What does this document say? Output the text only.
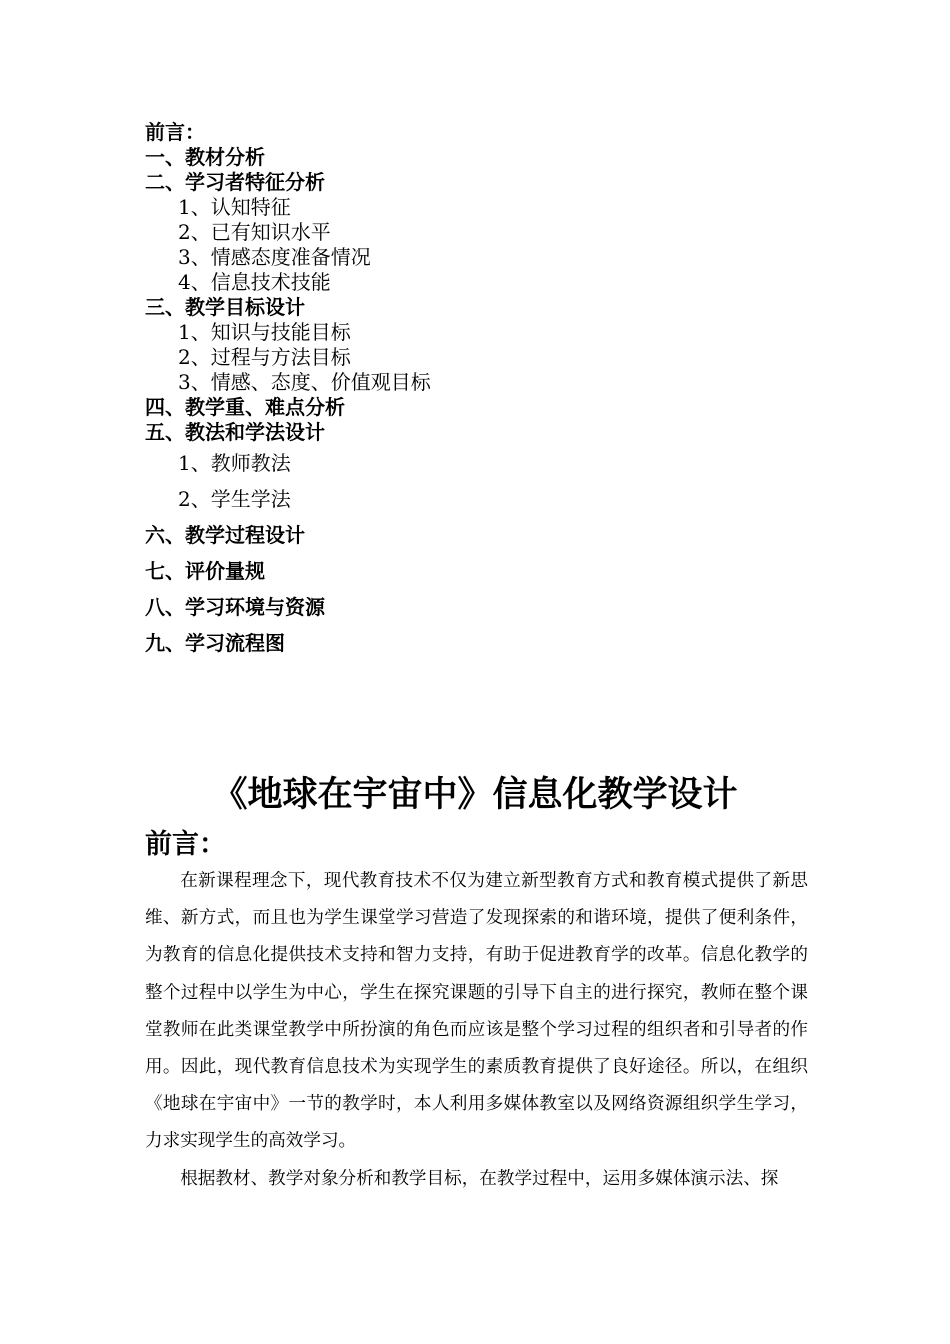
前言：
一、教材分析
二、学习者特征分析
1、认知特征
2、已有知识水平
3、情感态度准备情况
4、信息技术技能
三、教学目标设计
1、知识与技能目标
2、过程与方法目标
3、情感、态度、价值观目标
四、教学重、难点分析
五、教法和学法设计
1、教师教法
2、学生学法
六、教学过程设计
七、评价量规
八、学习环境与资源
九、学习流程图
《地球在宇宙中》信息化教学设计
前言：

在新课程理念下，现代教育技术不仅为建立新型教育方式和教育模式提供了新思维、新方式，而且也为学生课堂学习营造了发现探索的和谐环境，提供了便利条件，为教育的信息化提供技术支持和智力支持，有助于促进教育学的改革。信息化教学的整个过程中以学生为中心，学生在探究课题的引导下自主的进行探究，教师在整个课堂教师在此类课堂教学中所扮演的角色而应该是整个学习过程的组织者和引导者的作用。因此，现代教育信息技术为实现学生的素质教育提供了良好途径。所以，在组织《地球在宇宙中》一节的教学时，本人利用多媒体教室以及网络资源组织学生学习，力求实现学生的高效学习。

根据教材、教学对象分析和教学目标，在教学过程中，运用多媒体演示法、探
